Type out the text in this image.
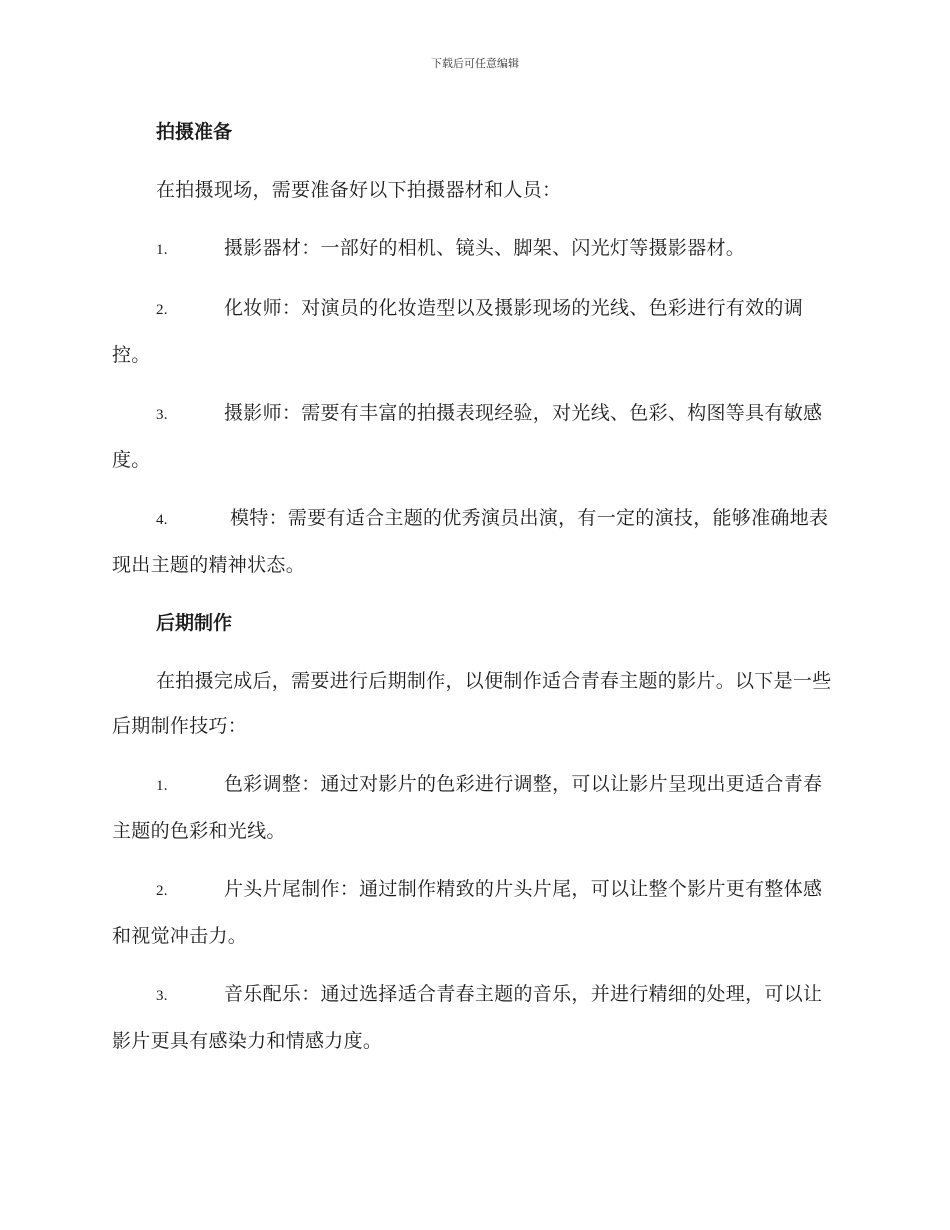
下载后可任意编辑
拍摄准备
在拍摄现场，需要准备好以下拍摄器材和人员：
1.	摄影器材：一部好的相机、镜头、脚架、闪光灯等摄影器材。
2.	化妆师：对演员的化妆造型以及摄影现场的光线、色彩进行有效的调控。
3.	摄影师：需要有丰富的拍摄表现经验，对光线、色彩、构图等具有敏感度。
4.	模特：需要有适合主题的优秀演员出演，有一定的演技，能够准确地表现出主题的精神状态。
后期制作
在拍摄完成后，需要进行后期制作，以便制作适合青春主题的影片。以下是一些后期制作技巧：
1.	色彩调整：通过对影片的色彩进行调整，可以让影片呈现出更适合青春主题的色彩和光线。
2.	片头片尾制作：通过制作精致的片头片尾，可以让整个影片更有整体感和视觉冲击力。
3.	音乐配乐：通过选择适合青春主题的音乐，并进行精细的处理，可以让影片更具有感染力和情感力度。
